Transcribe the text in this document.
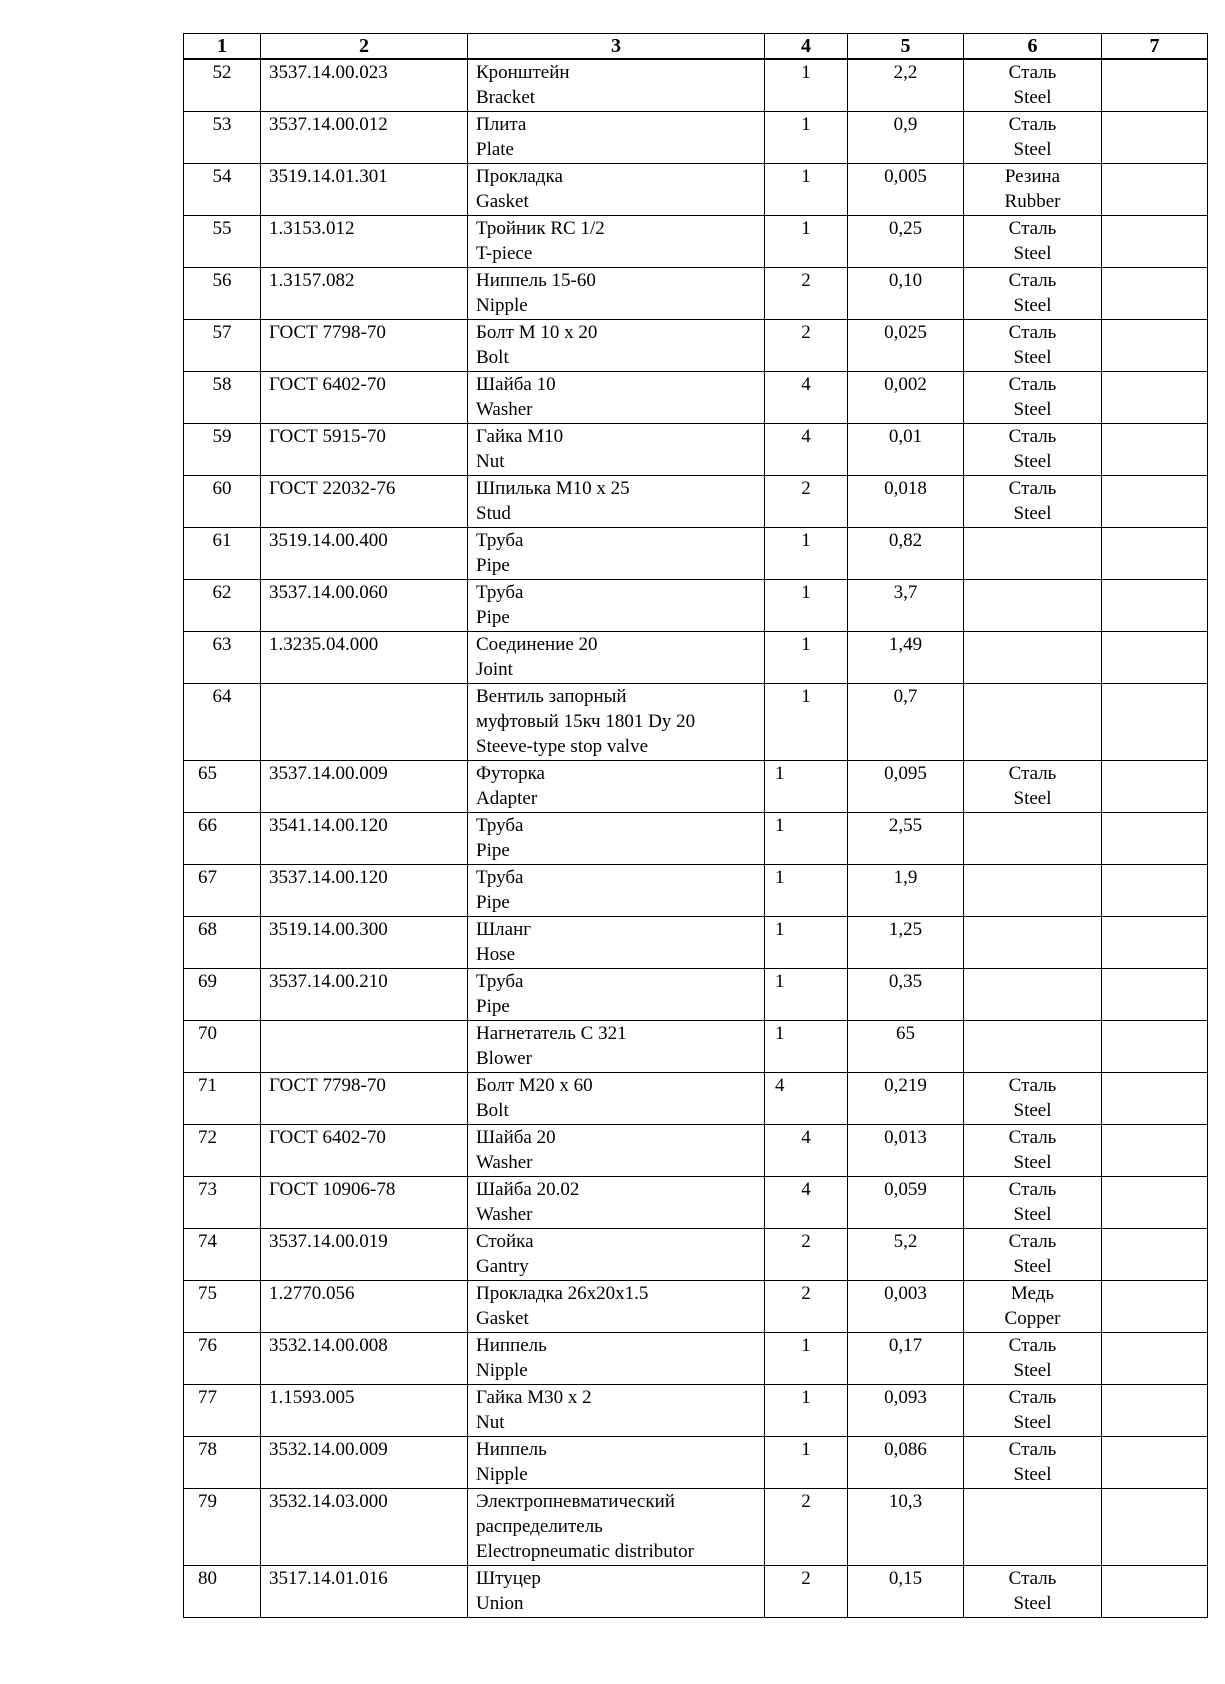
1	2	3	4	5	6	7

52	3537.14.00.023	Кронштейн
Bracket	1	2,2	Сталь
Steel	

53	3537.14.00.012	Плита
Plate	1	0,9	Сталь
Steel	

54	3519.14.01.301	Прокладка
Gasket	1	0,005	Резина
Rubber	

55	1.3153.012	Тройник RC 1/2
T-piece	1	0,25	Сталь
Steel	

56	1.3157.082	Ниппель 15-60
Nipple	2	0,10	Сталь
Steel	

57	ГОСТ 7798-70	Болт М 10 х 20
Bolt	2	0,025	Сталь
Steel	

58	ГОСТ 6402-70	Шайба 10
Washer	4	0,002	Сталь
Steel	

59	ГОСТ 5915-70	Гайка М10
Nut	4	0,01	Сталь
Steel	

60	ГОСТ 22032-76	Шпилька М10 х 25
Stud	2	0,018	Сталь
Steel	

61	3519.14.00.400	Труба
Pipe	1	0,82		

62	3537.14.00.060	Труба
Pipe	1	3,7		

63	1.3235.04.000	Соединение 20
Joint	1	1,49		

64		Вентиль запорный
муфтовый 15кч 1801 Dy 20
Steeve-type stop valve	1	0,7		

65	3537.14.00.009	Футорка
Adapter	1	0,095	Сталь
Steel	

66	3541.14.00.120	Труба
Pipe	1	2,55		

67	3537.14.00.120	Труба
Pipe	1	1,9		

68	3519.14.00.300	Шланг
Hose	1	1,25		

69	3537.14.00.210	Труба
Pipe	1	0,35		

70		Нагнетатель С 321
Blower	1	65		

71	ГОСТ 7798-70	Болт М20 х 60
Bolt	4	0,219	Сталь
Steel	

72	ГОСТ 6402-70	Шайба 20
Washer	4	0,013	Сталь
Steel	

73	ГОСТ 10906-78	Шайба 20.02
Washer	4	0,059	Сталь
Steel	

74	3537.14.00.019	Стойка
Gantry	2	5,2	Сталь
Steel	

75	1.2770.056	Прокладка 26x20x1.5
Gasket	2	0,003	Медь
Copper	

76	3532.14.00.008	Ниппель
Nipple	1	0,17	Сталь
Steel	

77	1.1593.005	Гайка М30 х 2
Nut	1	0,093	Сталь
Steel	

78	3532.14.00.009	Ниппель
Nipple	1	0,086	Сталь
Steel	

79	3532.14.03.000	Электропневматический
распределитель
Electropneumatic distributor	2	10,3		

80	3517.14.01.016	Штуцер
Union	2	0,15	Сталь
Steel	
